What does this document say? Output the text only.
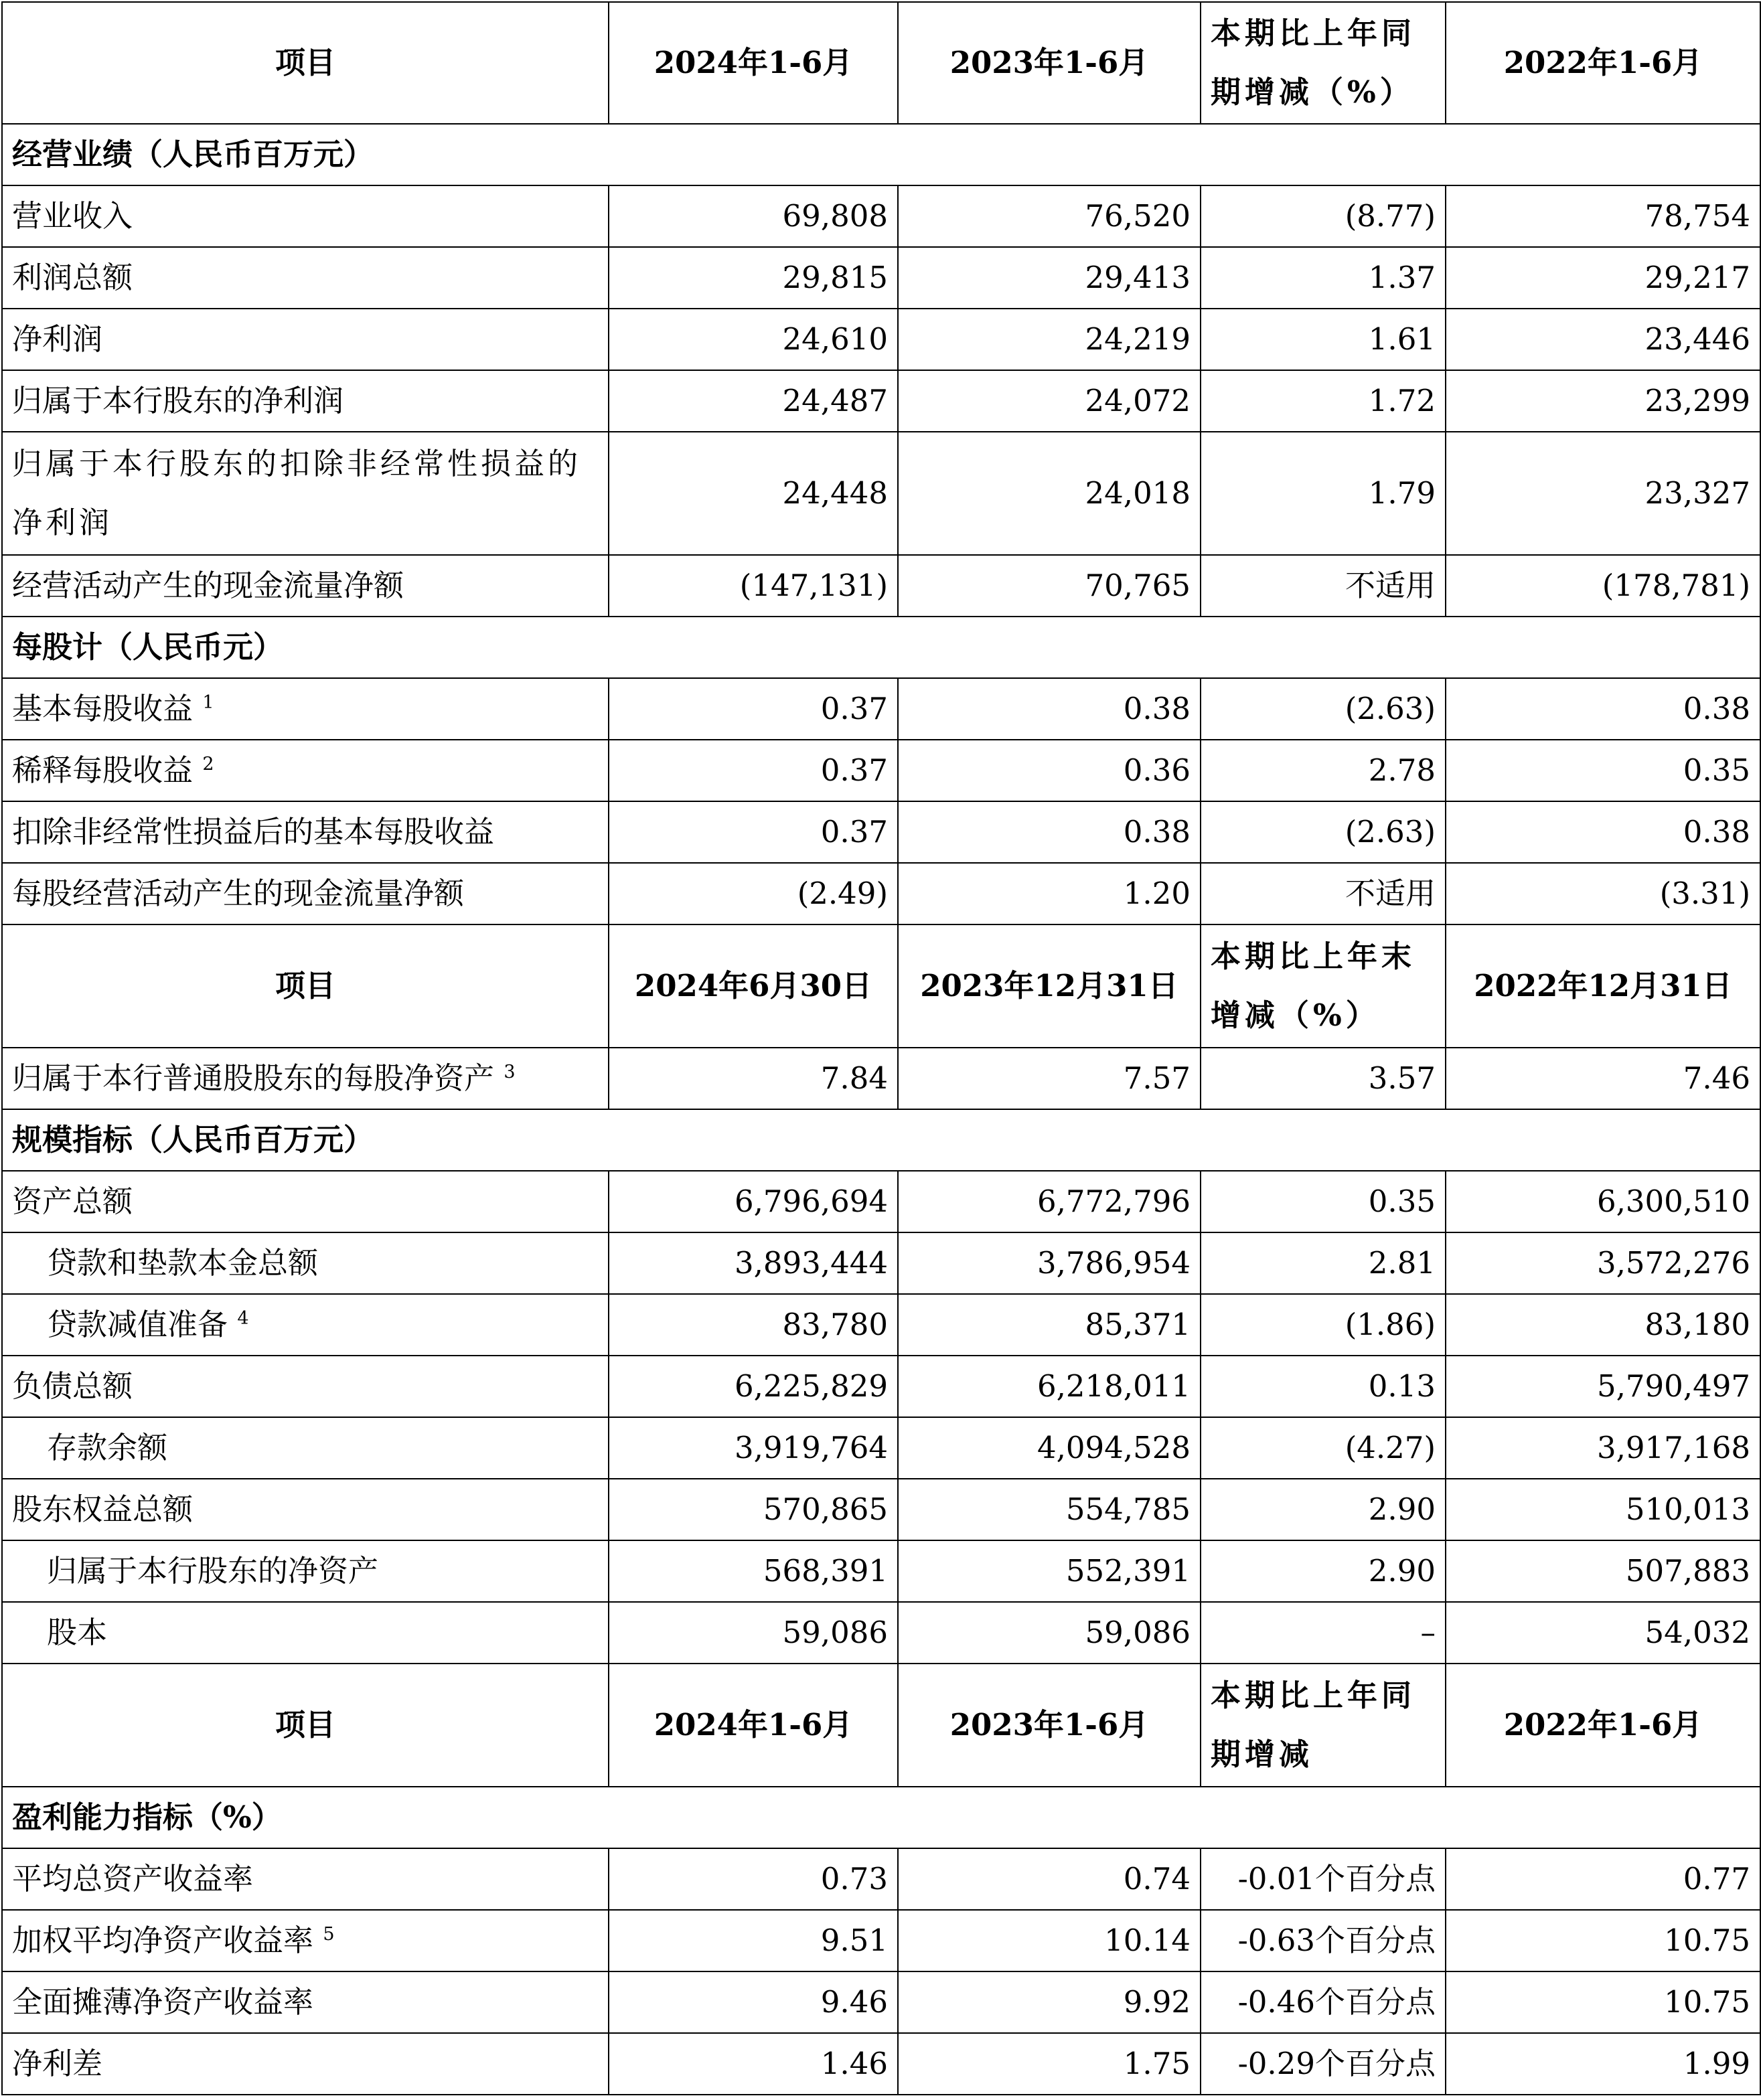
项目	2024年1-6月	2023年1-6月	本期比上年同期增减（%）	2022年1-6月
经营业绩（人民币百万元）				
营业收入	69,808	76,520	(8.77)	78,754
利润总额	29,815	29,413	1.37	29,217
净利润	24,610	24,219	1.61	23,446
归属于本行股东的净利润	24,487	24,072	1.72	23,299
归属于本行股东的扣除非经常性损益的净利润	24,448	24,018	1.79	23,327
经营活动产生的现金流量净额	(147,131)	70,765	不适用	(178,781)
每股计（人民币元）				
基本每股收益 $^1$	0.37	0.38	(2.63)	0.38
稀释每股收益 $^2$	0.37	0.36	2.78	0.35
扣除非经常性损益后的基本每股收益	0.37	0.38	(2.63)	0.38
每股经营活动产生的现金流量净额	(2.49)	1.20	不适用	(3.31)
项目	2024年6月30日	2023年12月31日	本期比上年末增减（%）	2022年12月31日
归属于本行普通股股东的每股净资产 $^3$	7.84	7.57	3.57	7.46
规模指标（人民币百万元）				
资产总额	6,796,694	6,772,796	0.35	6,300,510
贷款和垫款本金总额	3,893,444	3,786,954	2.81	3,572,276
贷款减值准备 $^4$	83,780	85,371	(1.86)	83,180
负债总额	6,225,829	6,218,011	0.13	5,790,497
存款余额	3,919,764	4,094,528	(4.27)	3,917,168
股东权益总额	570,865	554,785	2.90	510,013
归属于本行股东的净资产	568,391	552,391	2.90	507,883
股本	59,086	59,086	–	54,032
项目	2024年1-6月	2023年1-6月	本期比上年同期增减	2022年1-6月
盈利能力指标（%）				
平均总资产收益率	0.73	0.74	-0.01个百分点	0.77
加权平均净资产收益率 $^5$	9.51	10.14	-0.63个百分点	10.75
全面摊薄净资产收益率	9.46	9.92	-0.46个百分点	10.75
净利差	1.46	1.75	-0.29个百分点	1.99
